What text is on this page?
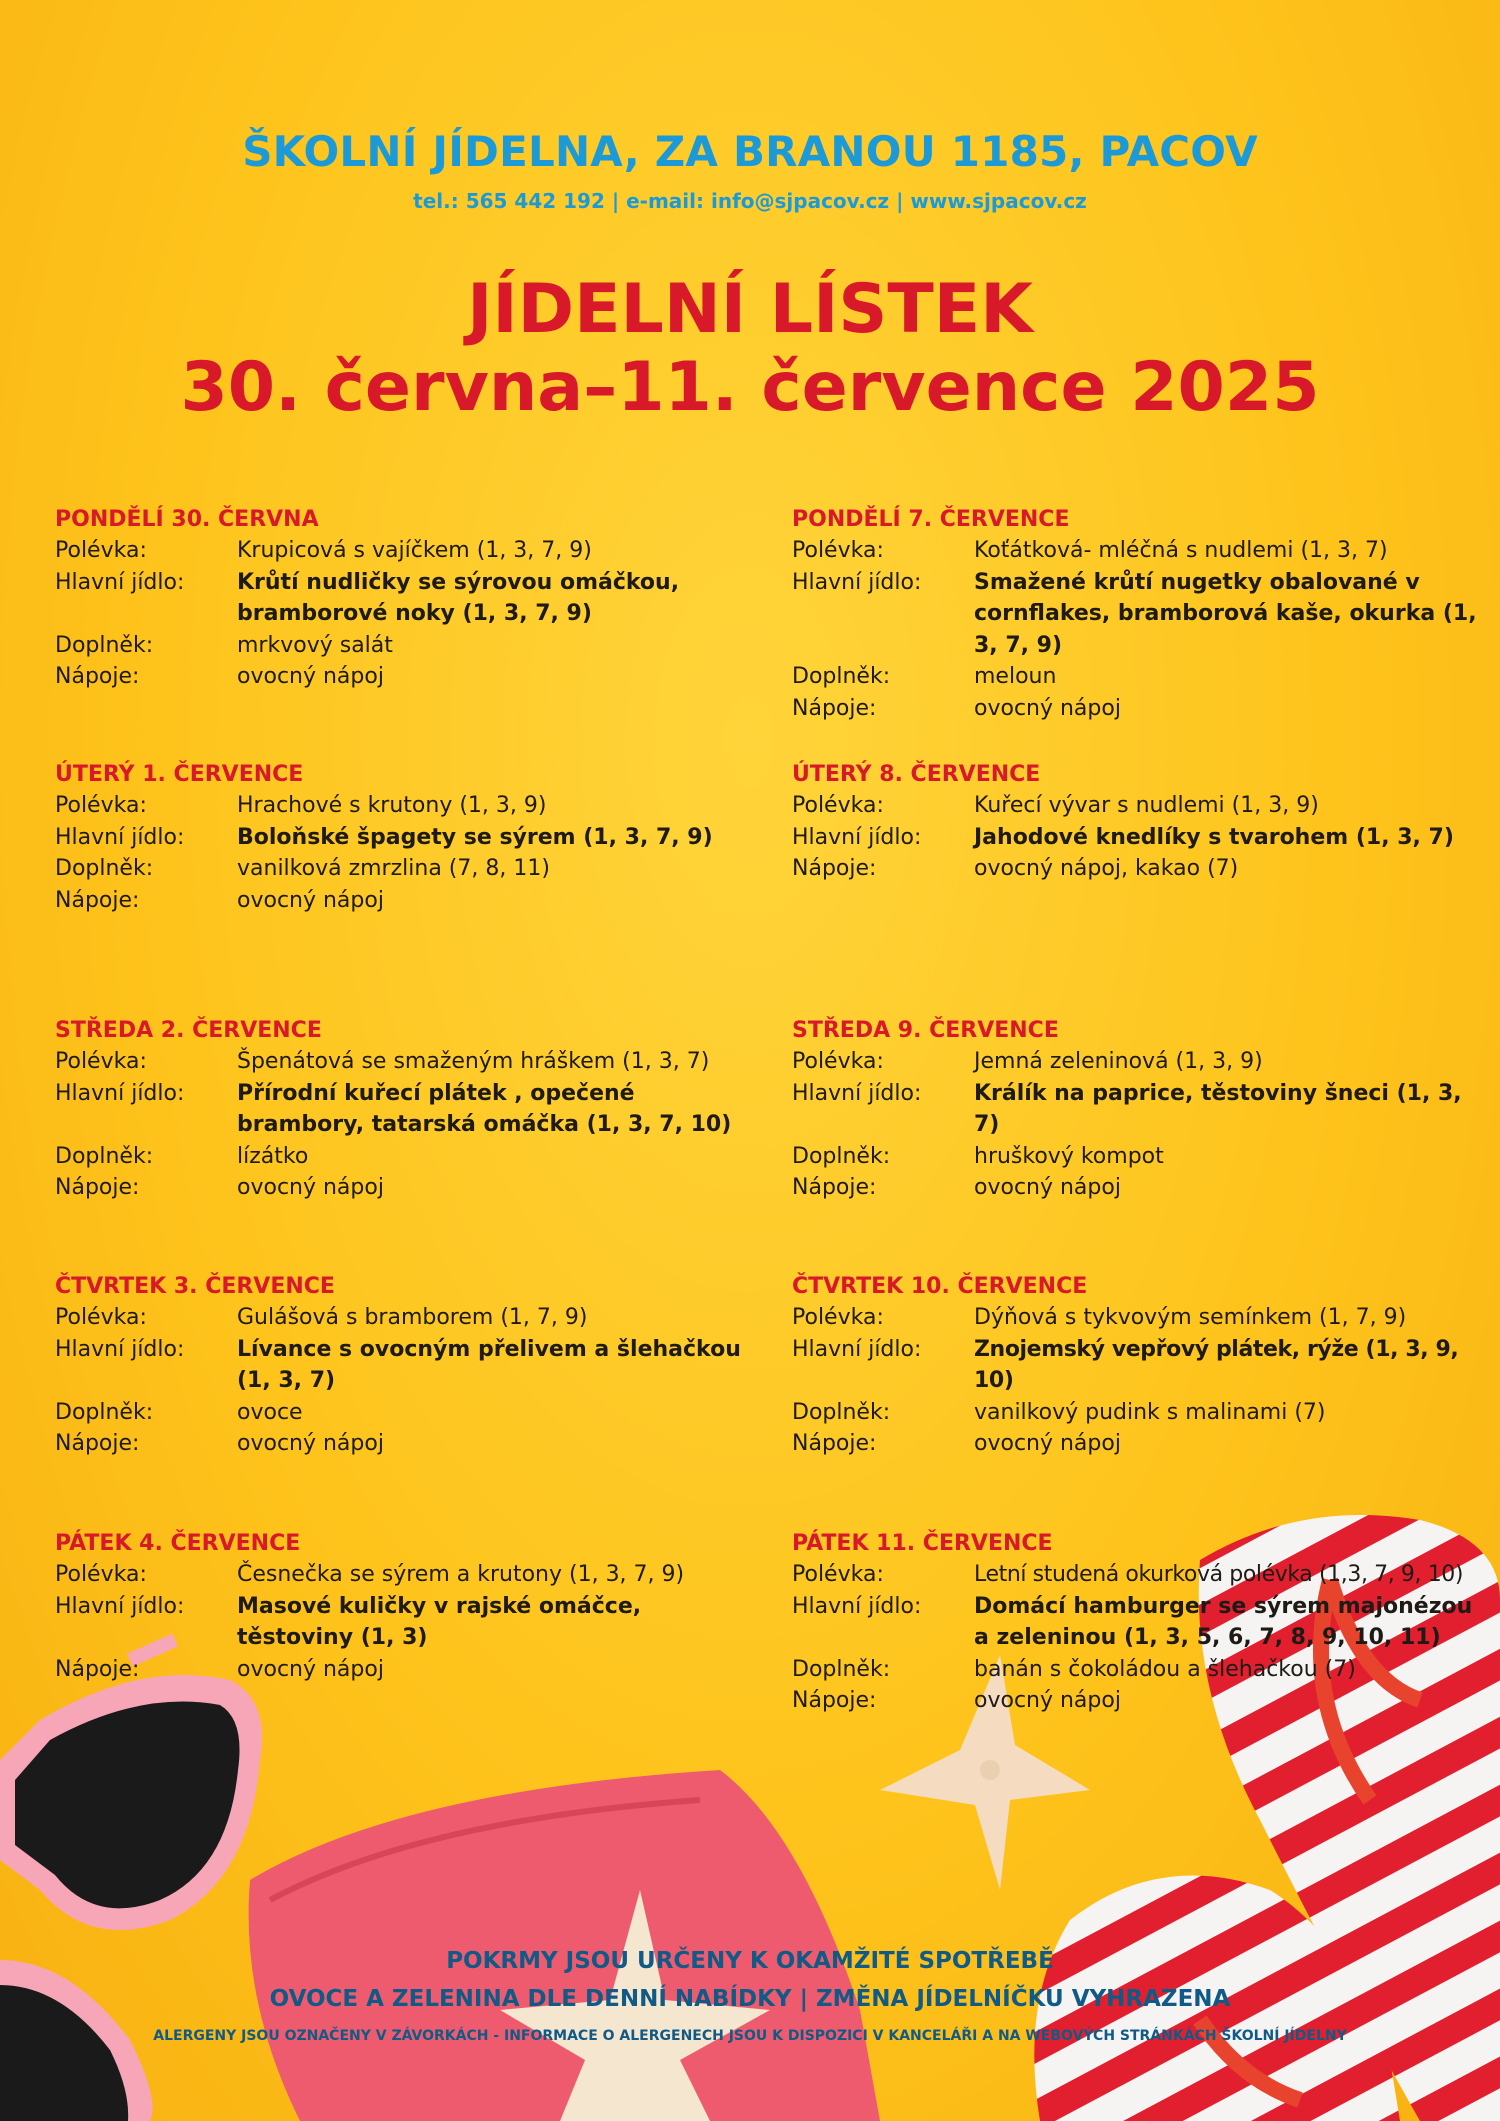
ŠKOLNÍ JÍDELNA, ZA BRANOU 1185, PACOV
tel.: 565 442 192 | e-mail: info@sjpacov.cz | www.sjpacov.cz
JÍDELNÍ LÍSTEK
30. června–11. července 2025
PONDĚLÍ 30. ČERVNA
Polévka:	Krupicová s vajíčkem (1, 3, 7, 9)
Hlavní jídlo:	Krůtí nudličky se sýrovou omáčkou, bramborové noky (1, 3, 7, 9)
Doplněk:	mrkvový salát
Nápoje:	ovocný nápoj
ÚTERÝ 1. ČERVENCE
Polévka:	Hrachové s krutony (1, 3, 9)
Hlavní jídlo:	Boloňské špagety se sýrem (1, 3, 7, 9)
Doplněk:	vanilková zmrzlina (7, 8, 11)
Nápoje:	ovocný nápoj
STŘEDA 2. ČERVENCE
Polévka:	Špenátová se smaženým hráškem (1, 3, 7)
Hlavní jídlo:	Přírodní kuřecí plátek , opečené brambory, tatarská omáčka (1, 3, 7, 10)
Doplněk:	lízátko
Nápoje:	ovocný nápoj
ČTVRTEK 3. ČERVENCE
Polévka:	Gulášová s bramborem (1, 7, 9)
Hlavní jídlo:	Lívance s ovocným přelivem a šlehačkou (1, 3, 7)
Doplněk:	ovoce
Nápoje:	ovocný nápoj
PÁTEK 4. ČERVENCE
Polévka:	Česnečka se sýrem a krutony (1, 3, 7, 9)
Hlavní jídlo:	Masové kuličky v rajské omáčce, těstoviny (1, 3)
Nápoje:	ovocný nápoj
PONDĚLÍ 7. ČERVENCE
Polévka:	Koťátková- mléčná s nudlemi (1, 3, 7)
Hlavní jídlo:	Smažené krůtí nugetky obalované v cornflakes, bramborová kaše, okurka (1, 3, 7, 9)
Doplněk:	meloun
Nápoje:	ovocný nápoj
ÚTERÝ 8. ČERVENCE
Polévka:	Kuřecí vývar s nudlemi (1, 3, 9)
Hlavní jídlo:	Jahodové knedlíky s tvarohem (1, 3, 7)
Nápoje:	ovocný nápoj, kakao (7)
STŘEDA 9. ČERVENCE
Polévka:	Jemná zeleninová (1, 3, 9)
Hlavní jídlo:	Králík na paprice, těstoviny šneci (1, 3, 7)
Doplněk:	hruškový kompot
Nápoje:	ovocný nápoj
ČTVRTEK 10. ČERVENCE
Polévka:	Dýňová s tykvovým semínkem (1, 7, 9)
Hlavní jídlo:	Znojemský vepřový plátek, rýže (1, 3, 9, 10)
Doplněk:	vanilkový pudink s malinami (7)
Nápoje:	ovocný nápoj
PÁTEK 11. ČERVENCE
Polévka:	Letní studená okurková polévka (1,3, 7, 9, 10)
Hlavní jídlo:	Domácí hamburger se sýrem majonézou a zeleninou (1, 3, 5, 6, 7, 8, 9, 10, 11)
Doplněk:	banán s čokoládou a šlehačkou (7)
Nápoje:	ovocný nápoj
POKRMY JSOU URČENY K OKAMŽITÉ SPOTŘEBĚ
OVOCE A ZELENINA DLE DENNÍ NABÍDKY | ZMĚNA JÍDELNÍČKU VYHRAZENA
ALERGENY JSOU OZNAČENY V ZÁVORKÁCH - INFORMACE O ALERGENECH JSOU K DISPOZICI V KANCELÁŘI A NA WEBOVÝCH STRÁNKÁCH ŠKOLNÍ JÍDELNY
